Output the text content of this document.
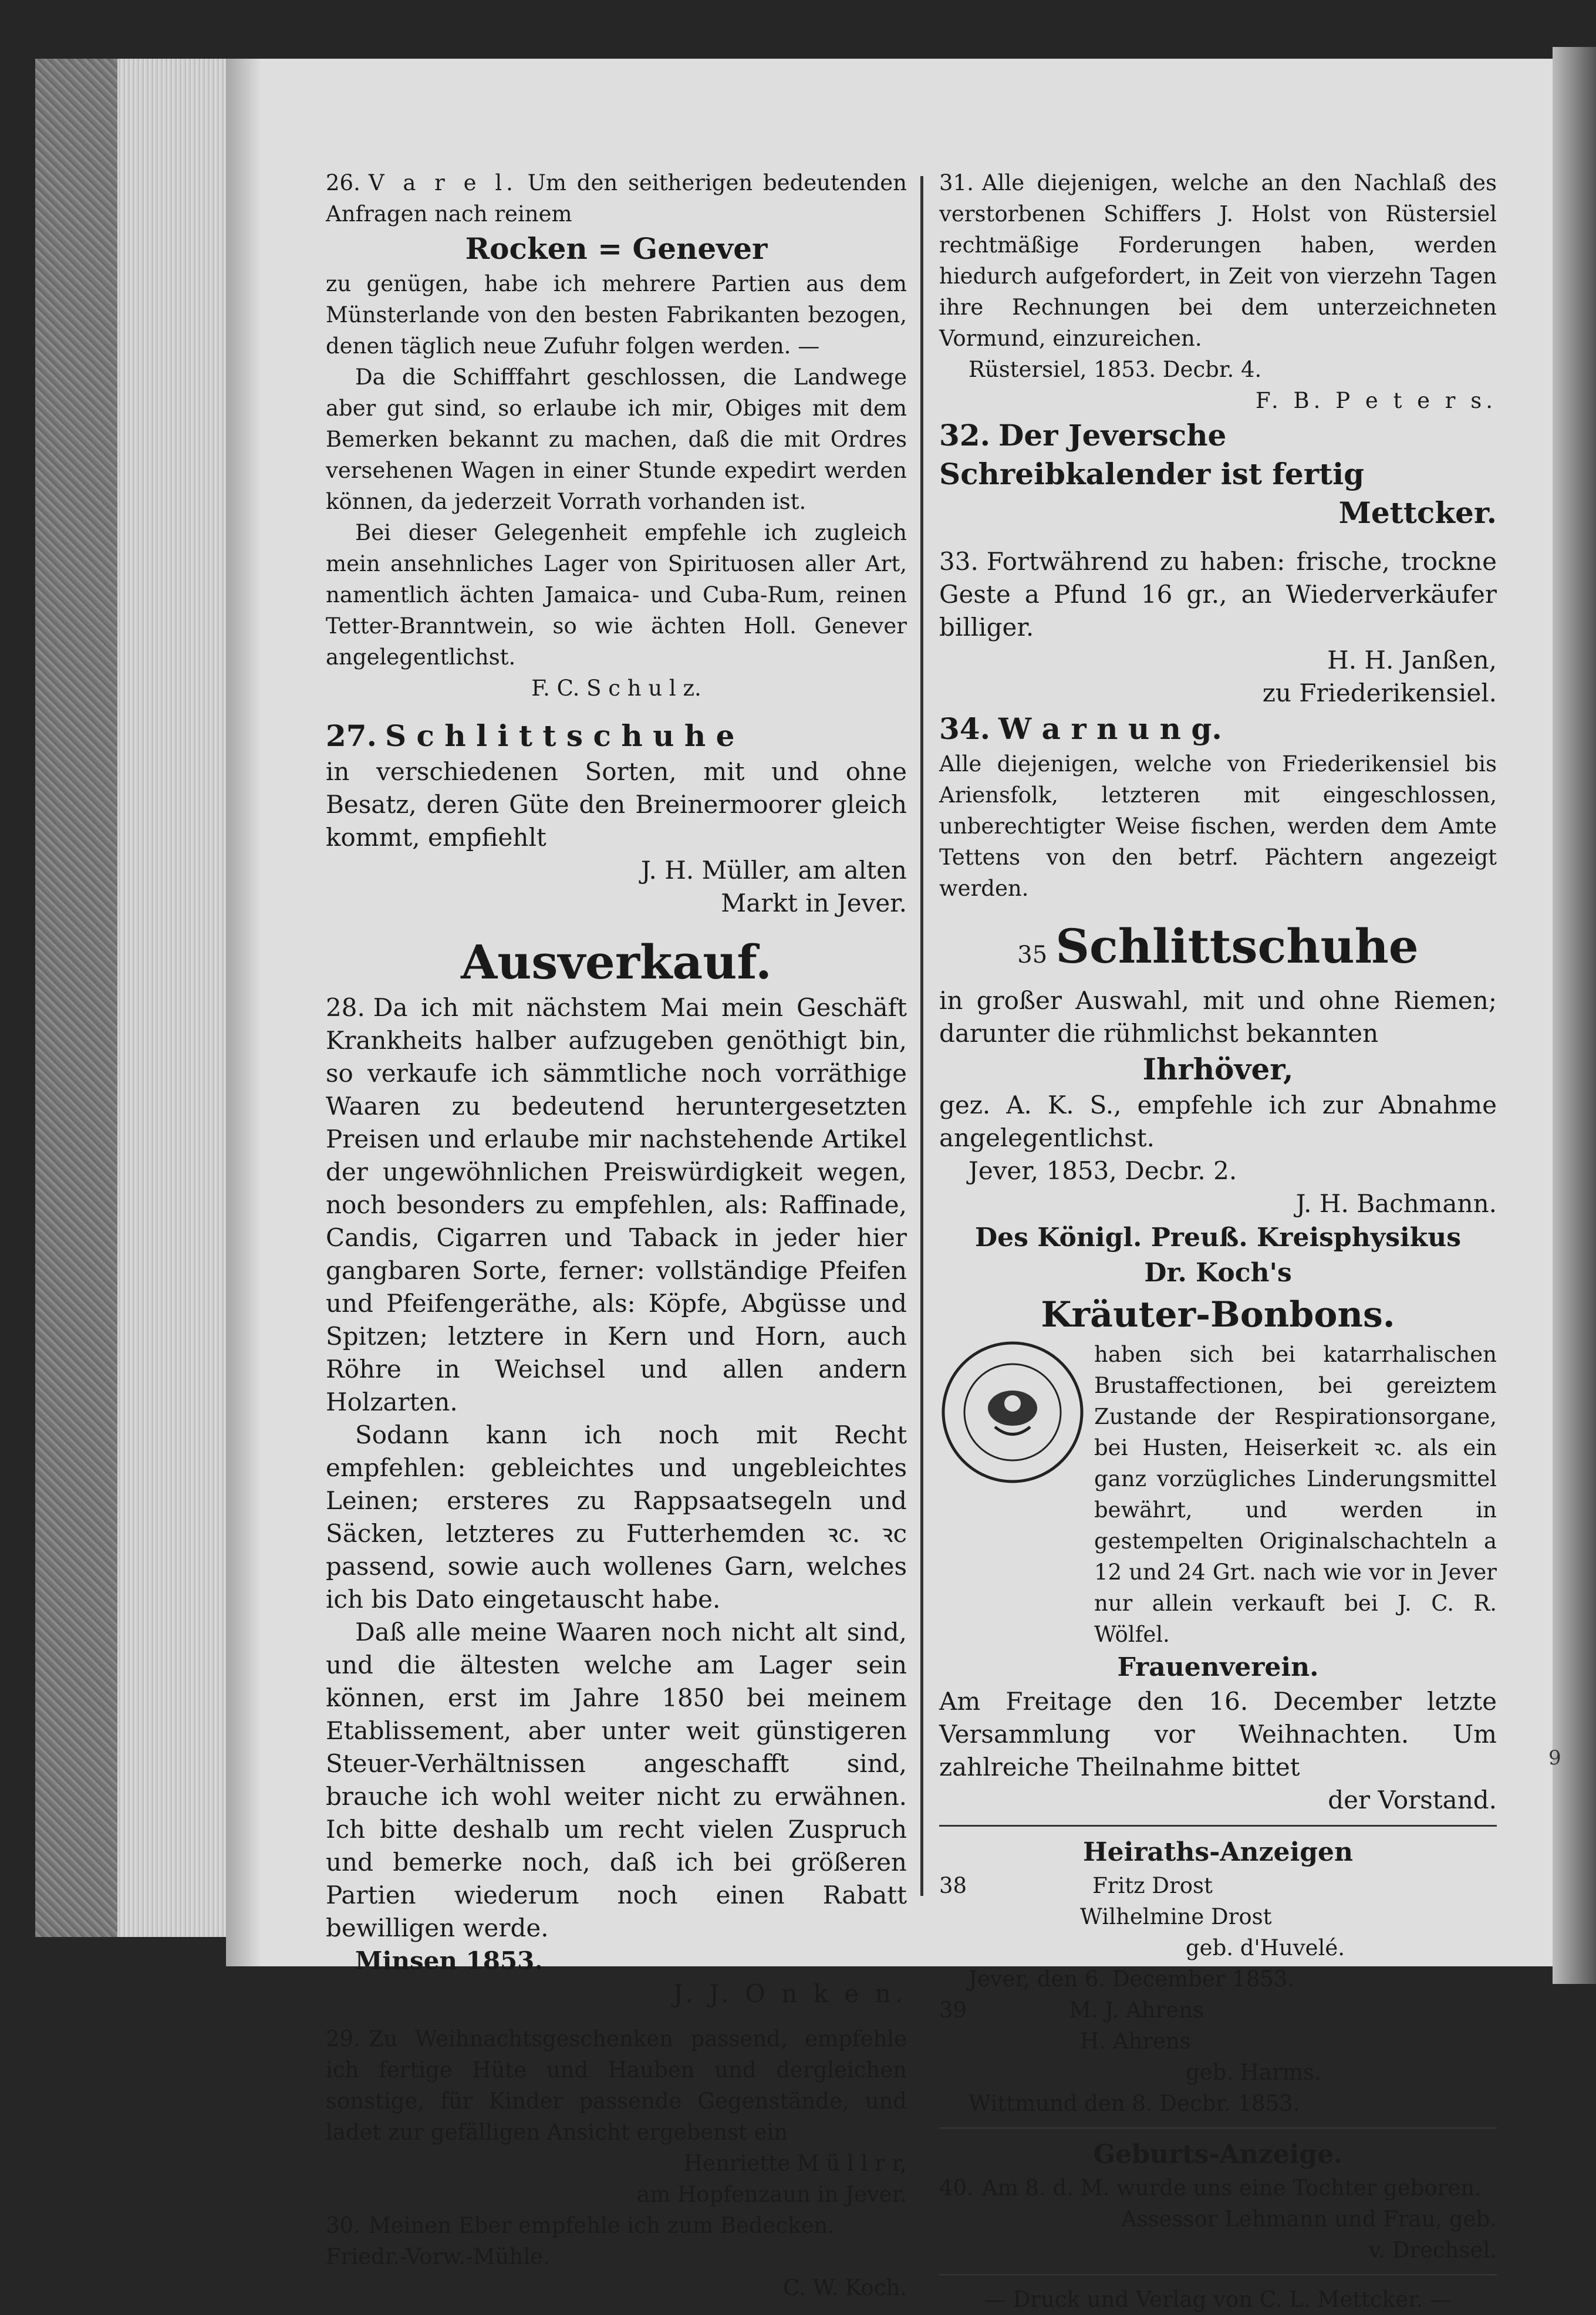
9

26. V a r e l. Um den seitherigen bedeutenden Anfragen nach reinem

Rocken = Genever

zu genügen, habe ich mehrere Partien aus dem Münsterlande von den besten Fabrikanten bezogen, denen täglich neue Zufuhr folgen werden. —

Da die Schifffahrt geschlossen, die Landwege aber gut sind, so erlaube ich mir, Obiges mit dem Bemerken bekannt zu machen, daß die mit Ordres versehenen Wagen in einer Stunde expedirt werden können, da jederzeit Vorrath vorhanden ist.

Bei dieser Gelegenheit empfehle ich zugleich mein ansehnliches Lager von Spirituosen aller Art, namentlich ächten Jamaica- und Cuba-Rum, reinen Tetter-Branntwein, so wie ächten Holl. Genever angelegentlichst.

F. C. S c h u l z.

27. S c h l i t t s c h u h e

in verschiedenen Sorten, mit und ohne Besatz, deren Güte den Breinermoorer gleich kommt, empfiehlt

J. H. Müller, am alten

Markt in Jever.

Ausverkauf.

28. Da ich mit nächstem Mai mein Geschäft Krankheits halber aufzugeben genöthigt bin, so verkaufe ich sämmtliche noch vorräthige Waaren zu bedeutend heruntergesetzten Preisen und erlaube mir nachstehende Artikel der ungewöhnlichen Preiswürdigkeit wegen, noch besonders zu empfehlen, als: Raffinade, Candis, Cigarren und Taback in jeder hier gangbaren Sorte, ferner: vollständige Pfeifen und Pfeifengeräthe, als: Köpfe, Abgüsse und Spitzen; letztere in Kern und Horn, auch Röhre in Weichsel und allen andern Holzarten.

Sodann kann ich noch mit Recht empfehlen: gebleichtes und ungebleichtes Leinen; ersteres zu Rappsaatsegeln und Säcken, letzteres zu Futterhemden ꝛc. ꝛc passend, sowie auch wollenes Garn, welches ich bis Dato eingetauscht habe.

Daß alle meine Waaren noch nicht alt sind, und die ältesten welche am Lager sein können, erst im Jahre 1850 bei meinem Etablissement, aber unter weit günstigeren Steuer-Verhältnissen angeschafft sind, brauche ich wohl weiter nicht zu erwähnen. Ich bitte deshalb um recht vielen Zuspruch und bemerke noch, daß ich bei größeren Partien wiederum noch einen Rabatt bewilligen werde.

Minsen 1853.

J. J. O n k e n.

29. Zu Weihnachtsgeschenken passend, empfehle ich fertige Hüte und Hauben und dergleichen sonstige, für Kinder passende Gegenstände, und ladet zur gefälligen Ansicht ergebenst ein

Henriette M ü l l r r,

am Hopfenzaun in Jever.

30. Meinen Eber empfehle ich zum Bedecken.

Friedr.-Vorw.-Mühle.

C. W. Koch.

31. Alle diejenigen, welche an den Nachlaß des verstorbenen Schiffers J. Holst von Rüstersiel rechtmäßige Forderungen haben, werden hiedurch aufgefordert, in Zeit von vierzehn Tagen ihre Rechnungen bei dem unterzeichneten Vormund, einzureichen.

Rüstersiel, 1853. Decbr. 4.

F. B. P e t e r s.

32. Der Jeversche Schreibkalender ist fertig

Mettcker.

33. Fortwährend zu haben: frische, trockne Geste a Pfund 16 gr., an Wiederverkäufer billiger.

H. H. Janßen,

zu Friederikensiel.

34. W a r n u n g.

Alle diejenigen, welche von Friederikensiel bis Ariensfolk, letzteren mit eingeschlossen, unberechtigter Weise fischen, werden dem Amte Tettens von den betrf. Pächtern angezeigt werden.

35 Schlittschuhe

in großer Auswahl, mit und ohne Riemen; darunter die rühmlichst bekannten

Ihrhöver,

gez. A. K. S., empfehle ich zur Abnahme angelegentlichst.

Jever, 1853, Decbr. 2.

J. H. Bachmann.

Des Königl. Preuß. Kreisphysikus

Dr. Koch's

Kräuter-Bonbons.

haben sich bei katarrhalischen Brustaffectionen, bei gereiztem Zustande der Respirationsorgane, bei Husten, Heiserkeit ꝛc. als ein ganz vorzügliches Linderungsmittel bewährt, und werden in gestempelten Originalschachteln a 12 und 24 Grt. nach wie vor in Jever nur allein verkauft bei J. C. R. Wölfel.

Frauenverein.

Am Freitage den 16. December letzte Versammlung vor Weihnachten. Um zahlreiche Theilnahme bittet

der Vorstand.

Heiraths-Anzeigen

38	Fritz Drost

Wilhelmine Drost

geb. d'Huvelé.

Jever, den 6. December 1853.

39	M. J. Ahrens

H. Ahrens

geb. Harms.

Wittmund den 8. Decbr. 1853.

Geburts-Anzeige.

40. Am 8. d. M. wurde uns eine Tochter geboren.

Assessor Lehmann und Frau, geb.

v. Drechsel.

— Druck und Verlag von C. L. Mettcker. —
